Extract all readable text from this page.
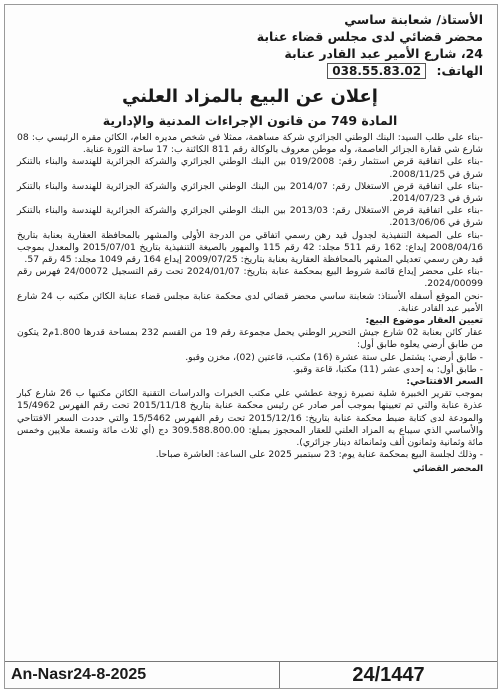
الأستاذ/ شعابنة ساسي
محضر قضائي لدى مجلس قضاء عنابة
24، شارع الأمير عبد القادر عنابة
الهاتف: 038.55.83.02
إعلان عن البيع بالمزاد العلني
المادة 749 من قانون الإجراءات المدنية والإدارية

-بناء على طلب السيد: البنك الوطني الجزائري شركة مساهمة، ممثلا في شخص مديره العام، الكائن مقره الرئيسي ب: 08 شارع شي قفارة الجزائر العاصمة، وله موطن معروف بالوكالة رقم 811 الكائنة ب: 17 ساحة الثورة عنابة.

-بناء على اتفاقية قرض استثمار رقم: 019/2008 بين البنك الوطني الجزائري والشركة الجزائرية للهندسة والبناء بالتنكر شرق في 2008/11/25.

-بناء على اتفاقية قرض الاستغلال رقم: 2014/07 بين البنك الوطني الجزائري والشركة الجزائرية للهندسة والبناء بالتنكر شرق في 2014/07/23.

-بناء على اتفاقية قرض الاستغلال رقم: 2013/03 بين البنك الوطني الجزائري والشركة الجزائرية للهندسة والبناء بالتنكر شرق في 2013/06/06.

-بناء على الصيغة التنفيذية لجدول قيد رهن رسمي اتفاقي من الدرجة الأولى والمشهر بالمحافظة العقارية بعنابة بتاريخ 2008/04/16 إيداع: 162 رقم 511 مجلد: 42 رقم 115 والمهور بالصيغة التنفيذية بتاريخ 2015/07/01 والمعدل بموجب قيد رهن رسمي تعديلي المشهر بالمحافظة العقارية بعنابة بتاريخ: 2009/07/25 إيداع 164 رقم 1049 مجلد: 45 رقم 57.

-بناء على محضر إيداع قائمة شروط البيع بمحكمة عنابة بتاريخ: 2024/01/07 تحت رقم التسجيل 24/00072 فهرس رقم 2024/00099.

-نحن الموقع أسفله الأستاذ: شعابنة ساسي محضر قضائي لدى محكمة عنابة مجلس قضاء عنابة الكائن مكتبه ب 24 شارع الأمير عبد القادر عنابة.

تعيين العقار موضوع البيع:

عقار كائن بعنابة 02 شارع جيش التحرير الوطني يحمل مجموعة رقم 19 من القسم 232 بمساحة قدرها 1.800م2 يتكون من طابق أرضي يعلوه طابق أول:

- طابق أرضي: يشتمل على ستة عشرة (16) مكتب، قاعتين (02)، مخزن وقبو.

- طابق أول: به إحدى عشر (11) مكتبا، قاعة وقبو.

السعر الافتتاحي:

بموجب تقرير الخبيرة شلية نصيرة زوجة عطشي علي مكتب الخبرات والدراسات التقنية الكائن مكتبها ب 26 شارع كبار عذرة عنابة والتي تم تعيينها بموجب أمر صادر عن رئيس محكمة عنابة بتاريخ 2015/11/18 تحت رقم الفهرس 15/4962 والمودعة لدى كتابة ضبط محكمة عنابة بتاريخ: 2015/12/16 تحت رقم الفهرس 15/5462 والتي حددت السعر الافتتاحي والأساسي الذي سيباع به المزاد العلني للعقار المحجوز بمبلغ: 309.588.800.00 دج (أي ثلاث مائة وتسعة ملايين وخمس مائة وثمانية وثمانون ألف وثمانمائة دينار جزائري).

- وذلك لجلسة البيع بمحكمة عنابة يوم: 23 سبتمبر 2025 على الساعة: العاشرة صباحا.

المحضر القضائي
An-Nasr24-8-2025	24/1447
